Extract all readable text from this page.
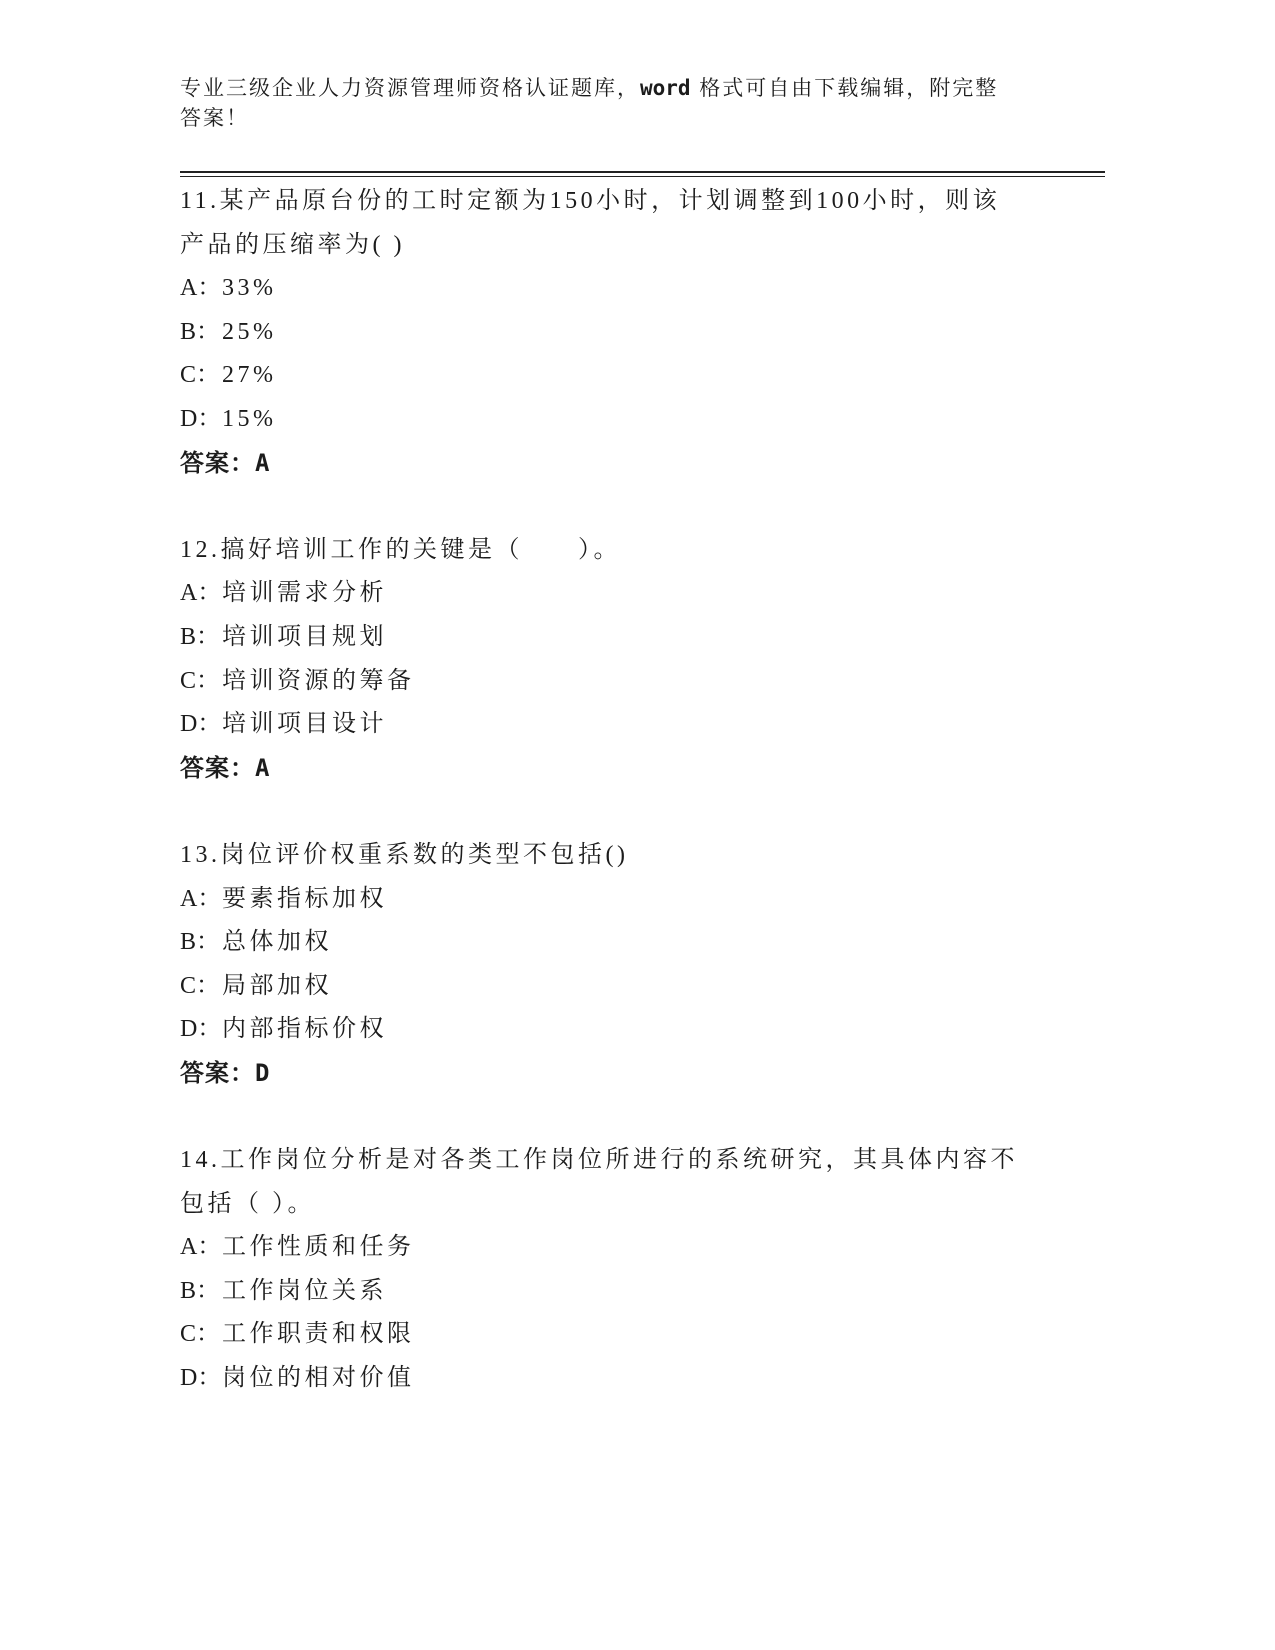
专业三级企业人力资源管理师资格认证题库，word 格式可自由下载编辑，附完整
答案！
11.某产品原台份的工时定额为150小时，计划调整到100小时，则该
产品的压缩率为( )
A：33%
B：25%
C：27%
D：15%
答案：A
12.搞好培训工作的关键是（　　）。
A：培训需求分析
B：培训项目规划
C：培训资源的筹备
D：培训项目设计
答案：A
13.岗位评价权重系数的类型不包括()
A：要素指标加权
B：总体加权
C：局部加权
D：内部指标价权
答案：D
14.工作岗位分析是对各类工作岗位所进行的系统研究，其具体内容不
包括（ ）。
A：工作性质和任务
B：工作岗位关系
C：工作职责和权限
D：岗位的相对价值
